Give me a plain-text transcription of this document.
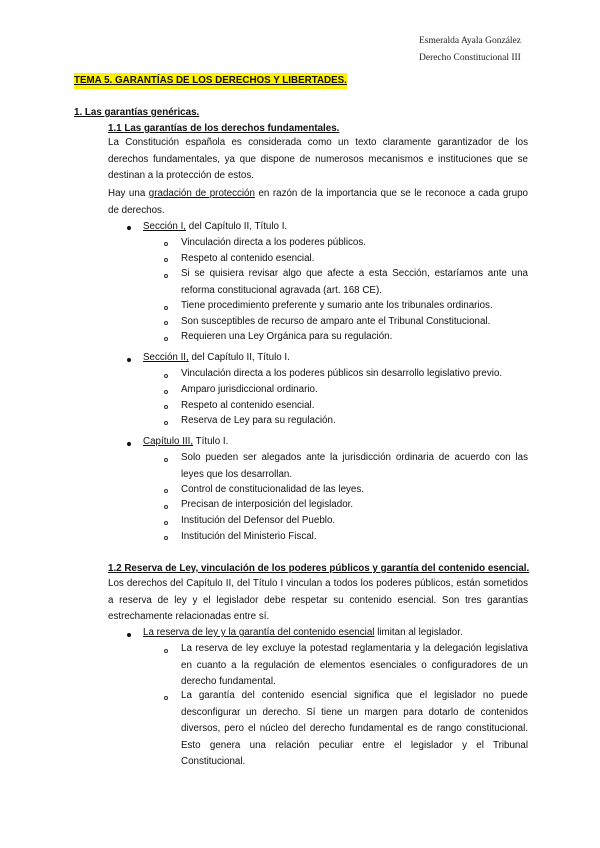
Esmeralda Ayala González
Derecho Constitucional III
TEMA 5. GARANTÍAS DE LOS DERECHOS Y LIBERTADES.
1. Las garantías genéricas.
1.1 Las garantías de los derechos fundamentales.
La Constitución española es considerada como un texto claramente garantizador de los derechos fundamentales, ya que dispone de numerosos mecanismos e instituciones que se destinan a la protección de estos.
Hay una gradación de protección en razón de la importancia que se le reconoce a cada grupo de derechos.
Sección I, del Capítulo II, Título I.
Vinculación directa a los poderes públicos.
Respeto al contenido esencial.
Si se quisiera revisar algo que afecte a esta Sección, estaríamos ante una reforma constitucional agravada (art. 168 CE).
Tiene procedimiento preferente y sumario ante los tribunales ordinarios.
Son susceptibles de recurso de amparo ante el Tribunal Constitucional.
Requieren una Ley Orgánica para su regulación.
Sección II, del Capítulo II, Título I.
Vinculación directa a los poderes públicos sin desarrollo legislativo previo.
Amparo jurisdiccional ordinario.
Respeto al contenido esencial.
Reserva de Ley para su regulación.
Capítulo III, Título I.
Solo pueden ser alegados ante la jurisdicción ordinaria de acuerdo con las leyes que los desarrollan.
Control de constitucionalidad de las leyes.
Precisan de interposición del legislador.
Institución del Defensor del Pueblo.
Institución del Ministerio Fiscal.
1.2 Reserva de Ley, vinculación de los poderes públicos y garantía del contenido esencial.
Los derechos del Capítulo II, del Título I vinculan a todos los poderes públicos, están sometidos a reserva de ley y el legislador debe respetar su contenido esencial. Son tres garantías estrechamente relacionadas entre sí.
La reserva de ley y la garantía del contenido esencial limitan al legislador.
La reserva de ley excluye la potestad reglamentaria y la delegación legislativa en cuanto a la regulación de elementos esenciales o configuradores de un derecho fundamental.
La garantía del contenido esencial significa que el legislador no puede desconfigurar un derecho. Sí tiene un margen para dotarlo de contenidos diversos, pero el núcleo del derecho fundamental es de rango constitucional. Esto genera una relación peculiar entre el legislador y el Tribunal Constitucional.
